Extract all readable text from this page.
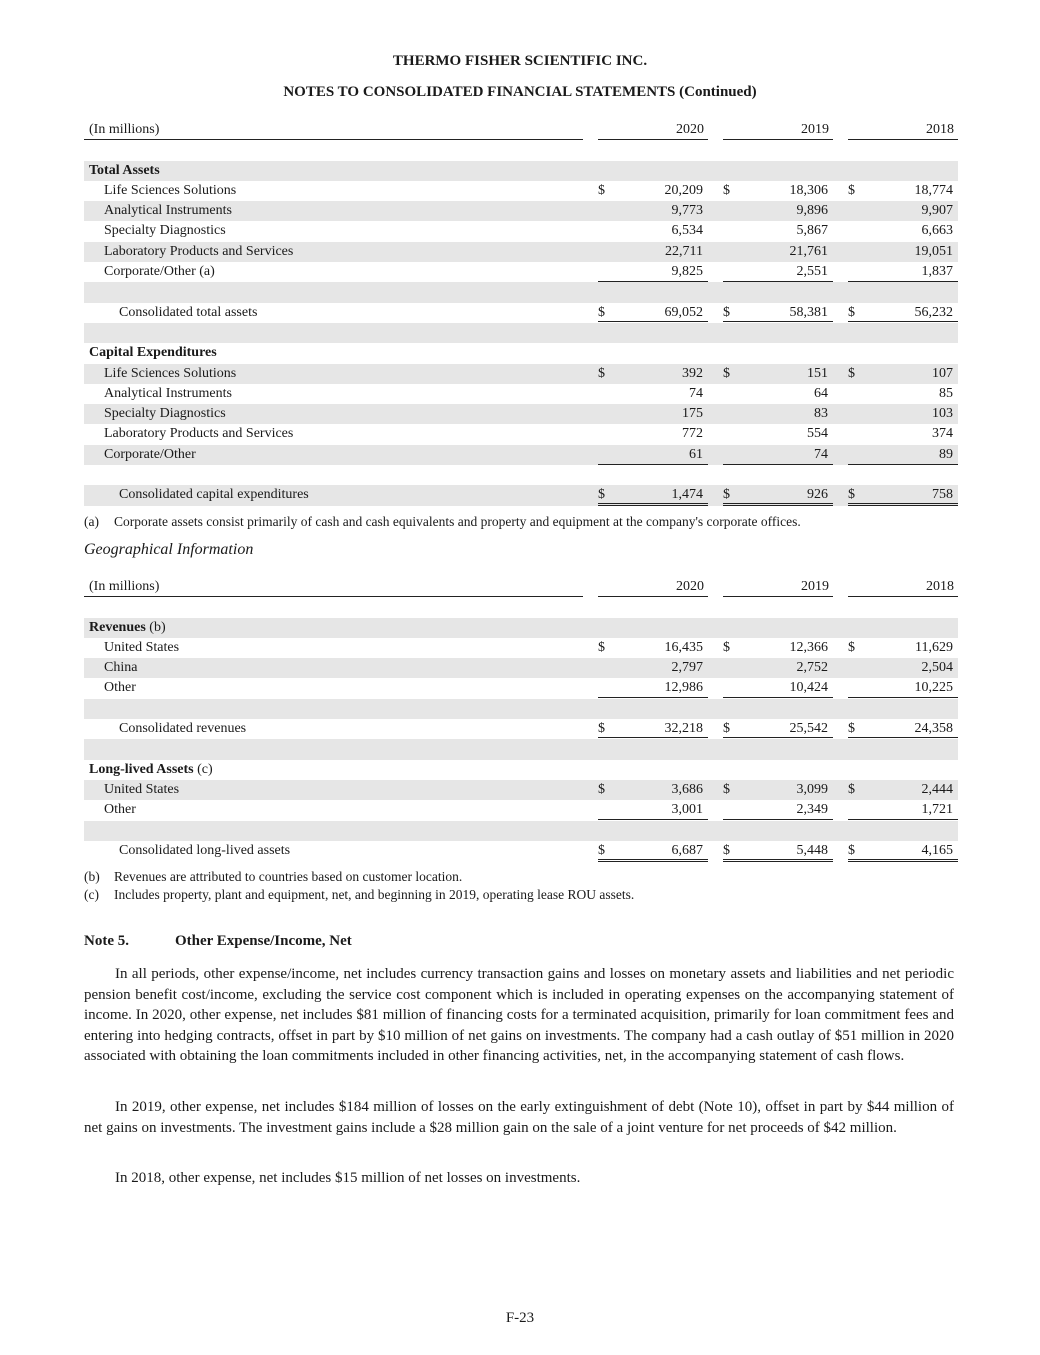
THERMO FISHER SCIENTIFIC INC.
NOTES TO CONSOLIDATED FINANCIAL STATEMENTS (Continued)
(In millions)	2020	2019	2018
Total Assets
Life Sciences Solutions	$	20,209 $	18,306 $	18,774
Analytical Instruments	9,773	9,896	9,907
Specialty Diagnostics	6,534	5,867	6,663
Laboratory Products and Services	22,711	21,761	19,051
Corporate/Other (a)	9,825	2,551	1,837
Consolidated total assets	$	69,052 $	58,381 $	56,232
Capital Expenditures
Life Sciences Solutions	$	392 $	151 $	107
Analytical Instruments	74	64	85
Specialty Diagnostics	175	83	103
Laboratory Products and Services	772	554	374
Corporate/Other	61	74	89
Consolidated capital expenditures	$	1,474 $	926 $	758
(a) Corporate assets consist primarily of cash and cash equivalents and property and equipment at the company's corporate offices.
Geographical Information
(In millions)	2020	2019	2018
Revenues (b)
United States	$	16,435 $	12,366 $	11,629
China	2,797	2,752	2,504
Other	12,986	10,424	10,225
Consolidated revenues	$	32,218 $	25,542 $	24,358
Long-lived Assets (c)
United States	$	3,686 $	3,099 $	2,444
Other	3,001	2,349	1,721
Consolidated long-lived assets	$	6,687 $	5,448 $	4,165
(b) Revenues are attributed to countries based on customer location.
(c) Includes property, plant and equipment, net, and beginning in 2019, operating lease ROU assets.
Note 5.	Other Expense/Income, Net

In all periods, other expense/income, net includes currency transaction gains and losses on monetary assets and liabilities and net periodic pension benefit cost/income, excluding the service cost component which is included in operating expenses on the accompanying statement of income. In 2020, other expense, net includes $81 million of financing costs for a terminated acquisition, primarily for loan commitment fees and entering into hedging contracts, offset in part by $10 million of net gains on investments. The company had a cash outlay of $51 million in 2020 associated with obtaining the loan commitments included in other financing activities, net, in the accompanying statement of cash flows.

In 2019, other expense, net includes $184 million of losses on the early extinguishment of debt (Note 10), offset in part by $44 million of net gains on investments. The investment gains include a $28 million gain on the sale of a joint venture for net proceeds of $42 million.

In 2018, other expense, net includes $15 million of net losses on investments.

F-23
